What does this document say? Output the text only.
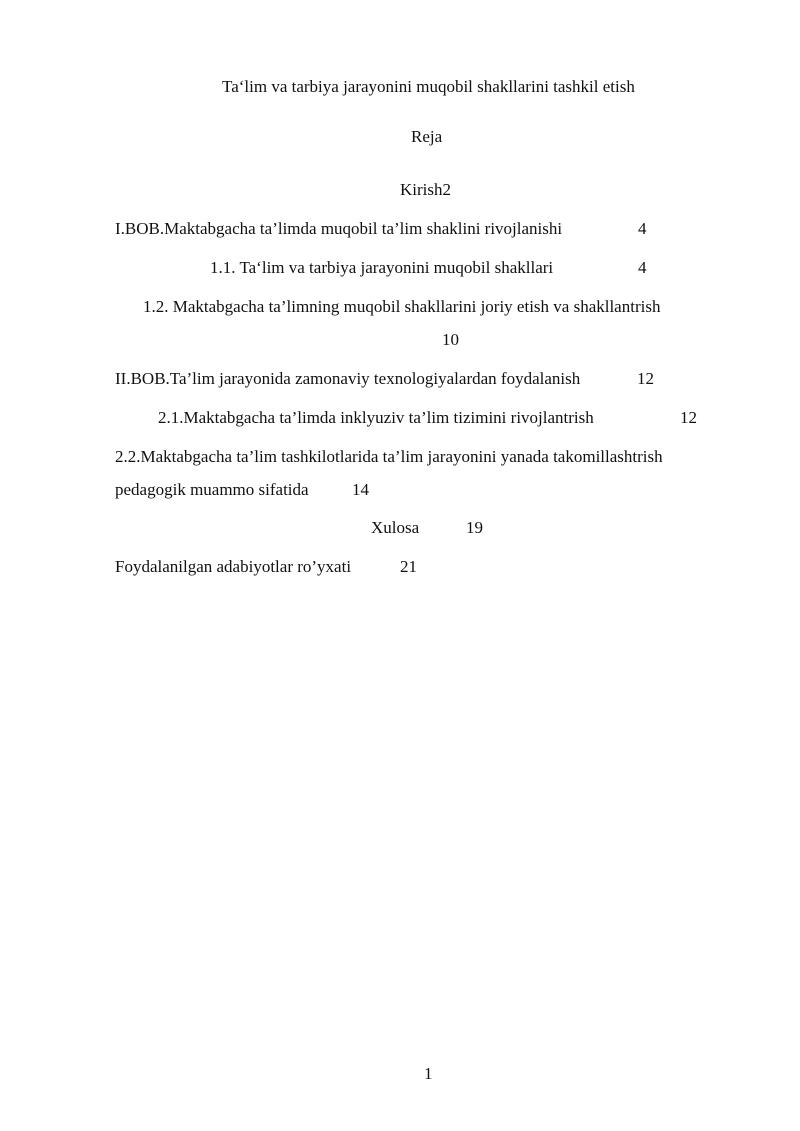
Ta‘lim va tarbiya jarayonini muqobil shakllarini tashkil etish
Reja
Kirish2
I.BOB.Maktabgacha ta’limda muqobil ta’lim shaklini rivojlanishi	4
1.1. Ta‘lim va tarbiya jarayonini muqobil shakllari	4
1.2. Maktabgacha ta’limning muqobil shakllarini joriy etish va shakllantrish
10
II.BOB.Ta’lim jarayonida zamonaviy texnologiyalardan foydalanish	12
2.1.Maktabgacha ta’limda inklyuziv ta’lim tizimini rivojlantrish	12
2.2.Maktabgacha ta’lim tashkilotlarida ta’lim jarayonini yanada takomillashtrish
pedagogik muammo sifatida	14
Xulosa	19
Foydalanilgan adabiyotlar ro’yxati	21
1
